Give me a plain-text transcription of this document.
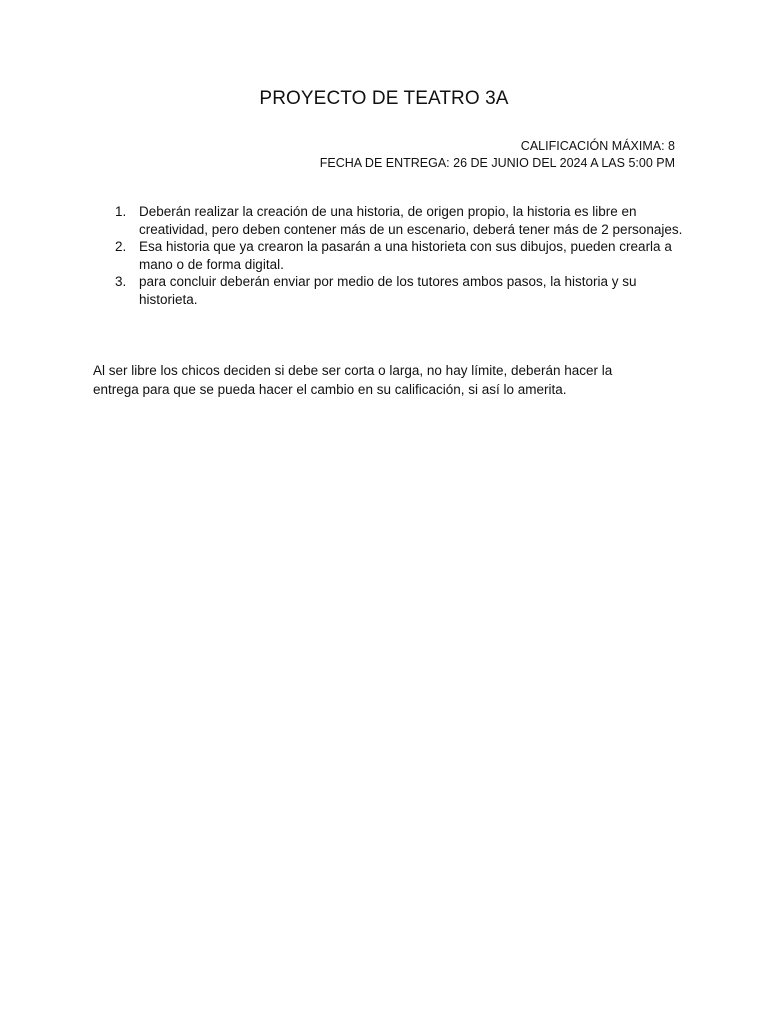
PROYECTO DE TEATRO 3A
CALIFICACIÓN MÁXIMA: 8
FECHA DE ENTREGA: 26 DE JUNIO DEL 2024 A LAS 5:00 PM
1. Deberán realizar la creación de una historia, de origen propio, la historia es libre en creatividad, pero deben contener más de un escenario, deberá tener más de 2 personajes.
2. Esa historia que ya crearon la pasarán a una historieta con sus dibujos, pueden crearla a mano o de forma digital.
3. para concluir deberán enviar por medio de los tutores ambos pasos, la historia y su historieta.

Al ser libre los chicos deciden si debe ser corta o larga, no hay límite, deberán hacer la entrega para que se pueda hacer el cambio en su calificación, si así lo amerita.
